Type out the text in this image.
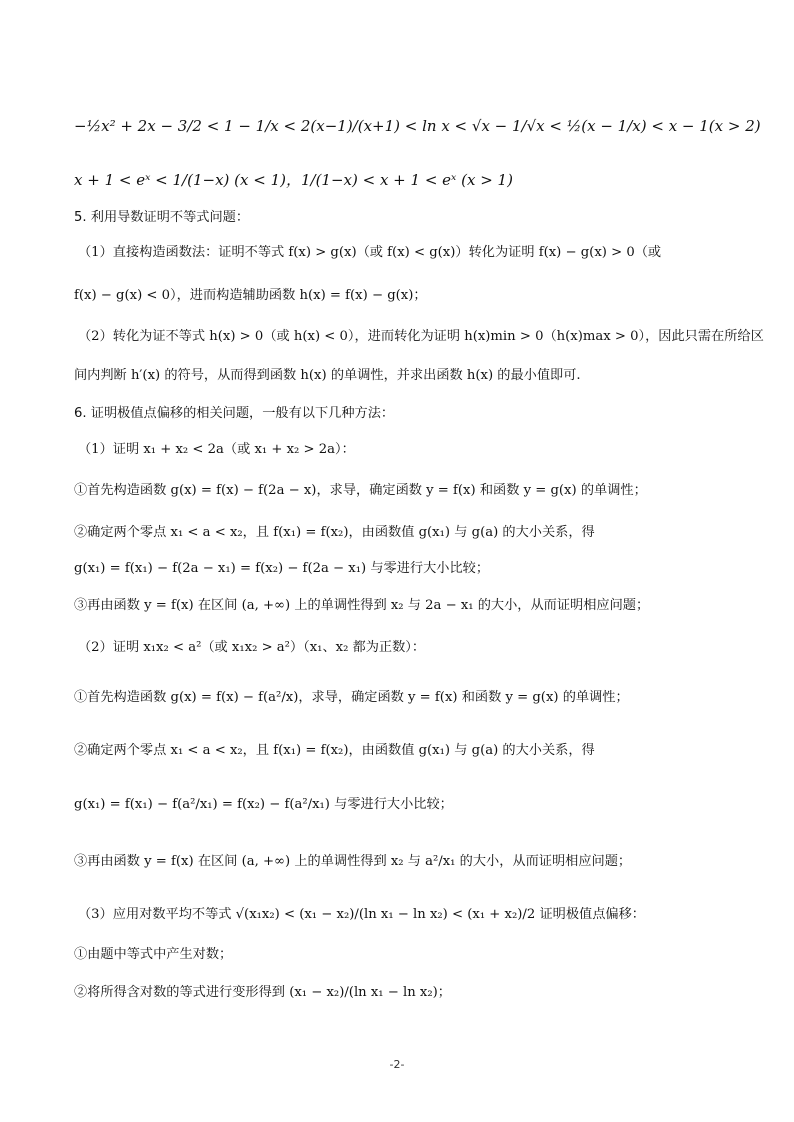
−½x² + 2x − 3/2 < 1 − 1/x < 2(x−1)/(x+1) < ln x < √x − 1/√x < ½(x − 1/x) < x − 1(x > 2)
x + 1 < eˣ < 1/(1−x) (x < 1)，1/(1−x) < x + 1 < eˣ (x > 1)
5. 利用导数证明不等式问题：
（1）直接构造函数法：证明不等式 f(x) > g(x)（或 f(x) < g(x)）转化为证明 f(x) − g(x) > 0（或
f(x) − g(x) < 0），进而构造辅助函数 h(x) = f(x) − g(x)；
（2）转化为证不等式 h(x) > 0（或 h(x) < 0），进而转化为证明 h(x)min > 0（h(x)max > 0），因此只需在所给区
间内判断 h′(x) 的符号，从而得到函数 h(x) 的单调性，并求出函数 h(x) 的最小值即可.
6. 证明极值点偏移的相关问题，一般有以下几种方法：
（1）证明 x₁ + x₂ < 2a（或 x₁ + x₂ > 2a）：
①首先构造函数 g(x) = f(x) − f(2a − x)，求导，确定函数 y = f(x) 和函数 y = g(x) 的单调性；
②确定两个零点 x₁ < a < x₂，且 f(x₁) = f(x₂)，由函数值 g(x₁) 与 g(a) 的大小关系，得
g(x₁) = f(x₁) − f(2a − x₁) = f(x₂) − f(2a − x₁) 与零进行大小比较；
③再由函数 y = f(x) 在区间 (a, +∞) 上的单调性得到 x₂ 与 2a − x₁ 的大小，从而证明相应问题；
（2）证明 x₁x₂ < a²（或 x₁x₂ > a²）（x₁、x₂ 都为正数）：
①首先构造函数 g(x) = f(x) − f(a²/x)，求导，确定函数 y = f(x) 和函数 y = g(x) 的单调性；
②确定两个零点 x₁ < a < x₂，且 f(x₁) = f(x₂)，由函数值 g(x₁) 与 g(a) 的大小关系，得
g(x₁) = f(x₁) − f(a²/x₁) = f(x₂) − f(a²/x₁) 与零进行大小比较；
③再由函数 y = f(x) 在区间 (a, +∞) 上的单调性得到 x₂ 与 a²/x₁ 的大小，从而证明相应问题；
（3）应用对数平均不等式 √(x₁x₂) < (x₁ − x₂)/(ln x₁ − ln x₂) < (x₁ + x₂)/2 证明极值点偏移：
①由题中等式中产生对数；
②将所得含对数的等式进行变形得到 (x₁ − x₂)/(ln x₁ − ln x₂)；
-2-
